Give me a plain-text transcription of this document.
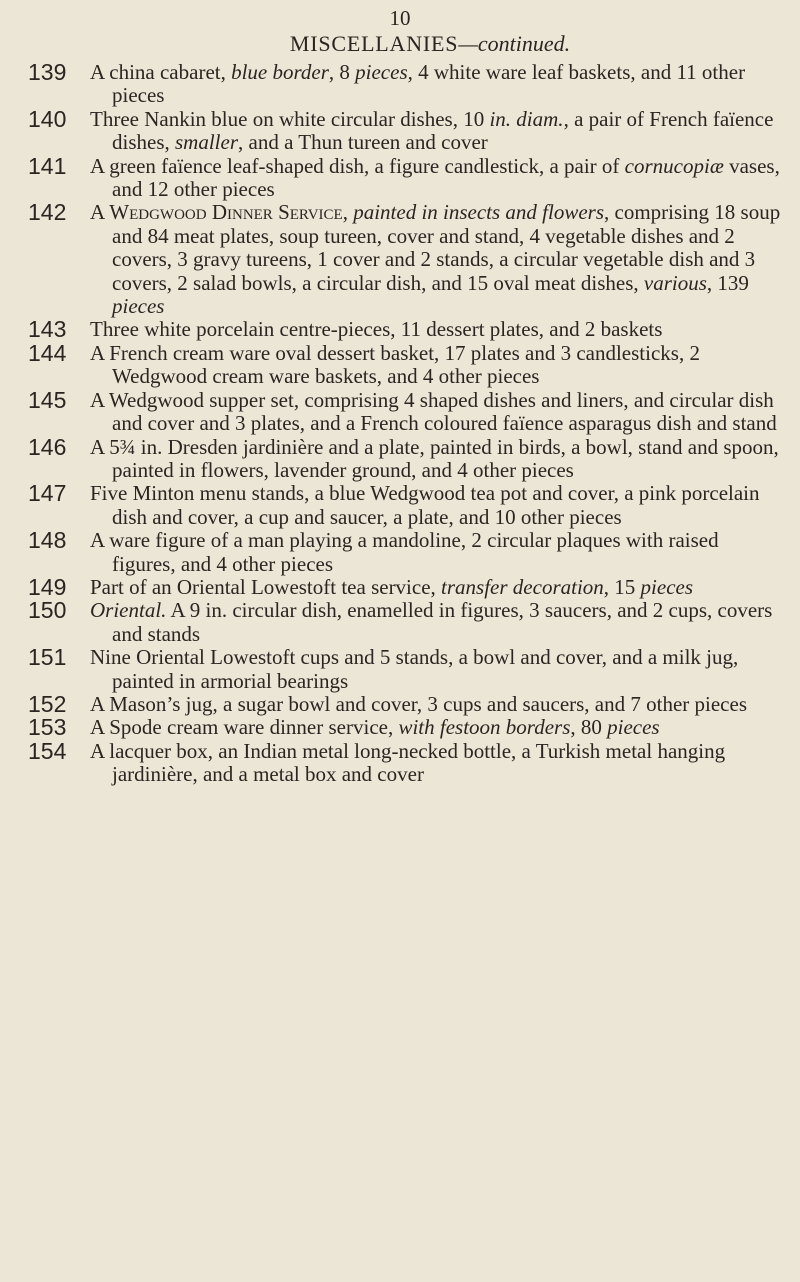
10
MISCELLANIES—continued.
139	A china cabaret, blue border, 8 pieces, 4 white ware leaf baskets, and 11 other pieces
140	Three Nankin blue on white circular dishes, 10 in. diam., a pair of French faïence dishes, smaller, and a Thun tureen and cover
141	A green faïence leaf-shaped dish, a figure candlestick, a pair of cornucopiæ vases, and 12 other pieces
142	A Wedgwood Dinner Service, painted in insects and flowers, comprising 18 soup and 84 meat plates, soup tureen, cover and stand, 4 vegetable dishes and 2 covers, 3 gravy tureens, 1 cover and 2 stands, a circular vegetable dish and 3 covers, 2 salad bowls, a circular dish, and 15 oval meat dishes, various, 139 pieces
143	Three white porcelain centre-pieces, 11 dessert plates, and 2 baskets
144	A French cream ware oval dessert basket, 17 plates and 3 candlesticks, 2 Wedgwood cream ware baskets, and 4 other pieces
145	A Wedgwood supper set, comprising 4 shaped dishes and liners, and circular dish and cover and 3 plates, and a French coloured faïence asparagus dish and stand
146	A 5¾ in. Dresden jardinière and a plate, painted in birds, a bowl, stand and spoon, painted in flowers, lavender ground, and 4 other pieces
147	Five Minton menu stands, a blue Wedgwood tea pot and cover, a pink porcelain dish and cover, a cup and saucer, a plate, and 10 other pieces
148	A ware figure of a man playing a mandoline, 2 circular plaques with raised figures, and 4 other pieces
149	Part of an Oriental Lowestoft tea service, transfer decoration, 15 pieces
150	Oriental. A 9 in. circular dish, enamelled in figures, 3 saucers, and 2 cups, covers and stands
151	Nine Oriental Lowestoft cups and 5 stands, a bowl and cover, and a milk jug, painted in armorial bearings
152	A Mason’s jug, a sugar bowl and cover, 3 cups and saucers, and 7 other pieces
153	A Spode cream ware dinner service, with festoon borders, 80 pieces
154	A lacquer box, an Indian metal long-necked bottle, a Turkish metal hanging jardinière, and a metal box and cover
